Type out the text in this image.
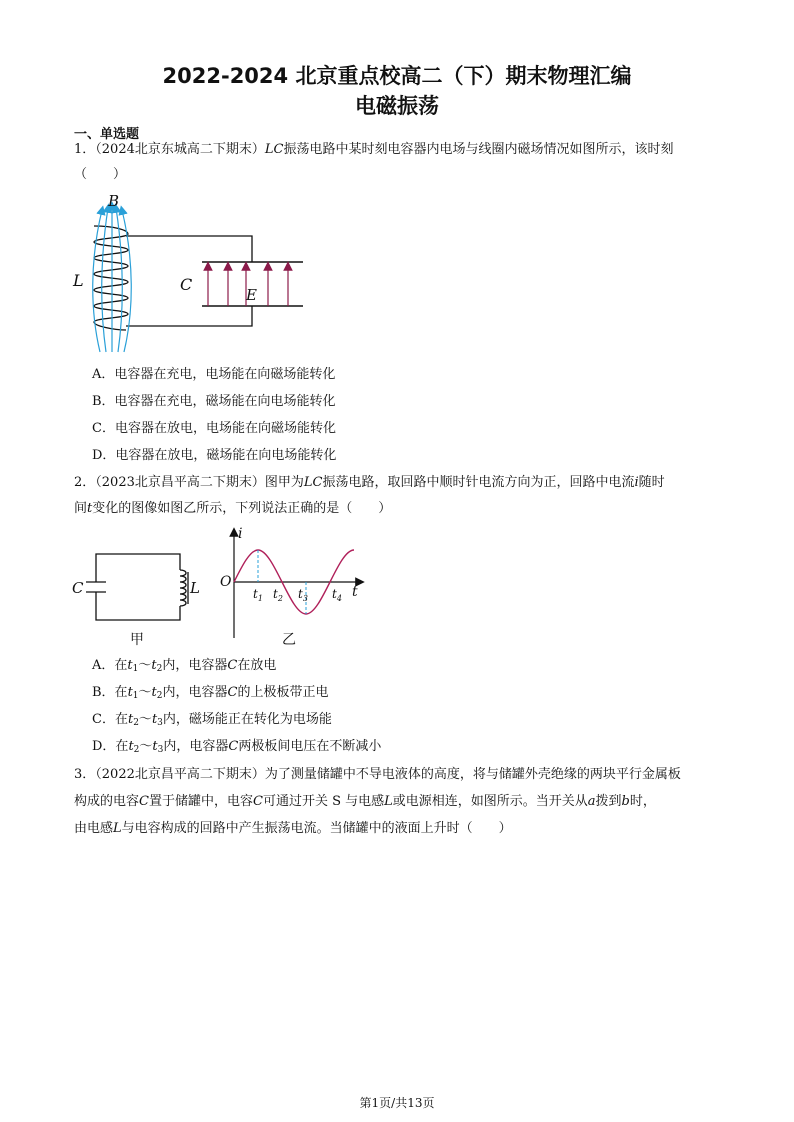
2022-2024 北京重点校高二（下）期末物理汇编
电磁振荡
一、单选题
1．（2024北京东城高二下期末）LC振荡电路中某时刻电容器内电场与线圈内磁场情况如图所示，该时刻
（　　）
B
L	C
E
A．电容器在充电，电场能在向磁场能转化
B．电容器在充电，磁场能在向电场能转化
C．电容器在放电，电场能在向磁场能转化
D．电容器在放电，磁场能在向电场能转化
2．（2023北京昌平高二下期末）图甲为LC振荡电路，取回路中顺时针电流方向为正，回路中电流i随时
间t变化的图像如图乙所示，下列说法正确的是（　　）
C	L
甲
i
t
O
$t_1$ $t_2$ $t_3$ $t_4$
乙
A．在$t_1\sim t_2$内，电容器C在放电
B．在$t_1\sim t_2$内，电容器C的上极板带正电
C．在$t_2\sim t_3$内，磁场能正在转化为电场能
D．在$t_2\sim t_3$内，电容器C两极板间电压在不断减小
3．（2022北京昌平高二下期末）为了测量储罐中不导电液体的高度，将与储罐外壳绝缘的两块平行金属板
构成的电容C置于储罐中，电容C可通过开关 S 与电感L或电源相连，如图所示。当开关从a拨到b时，
由电感L与电容构成的回路中产生振荡电流。当储罐中的液面上升时（　　）
第1页/共13页
